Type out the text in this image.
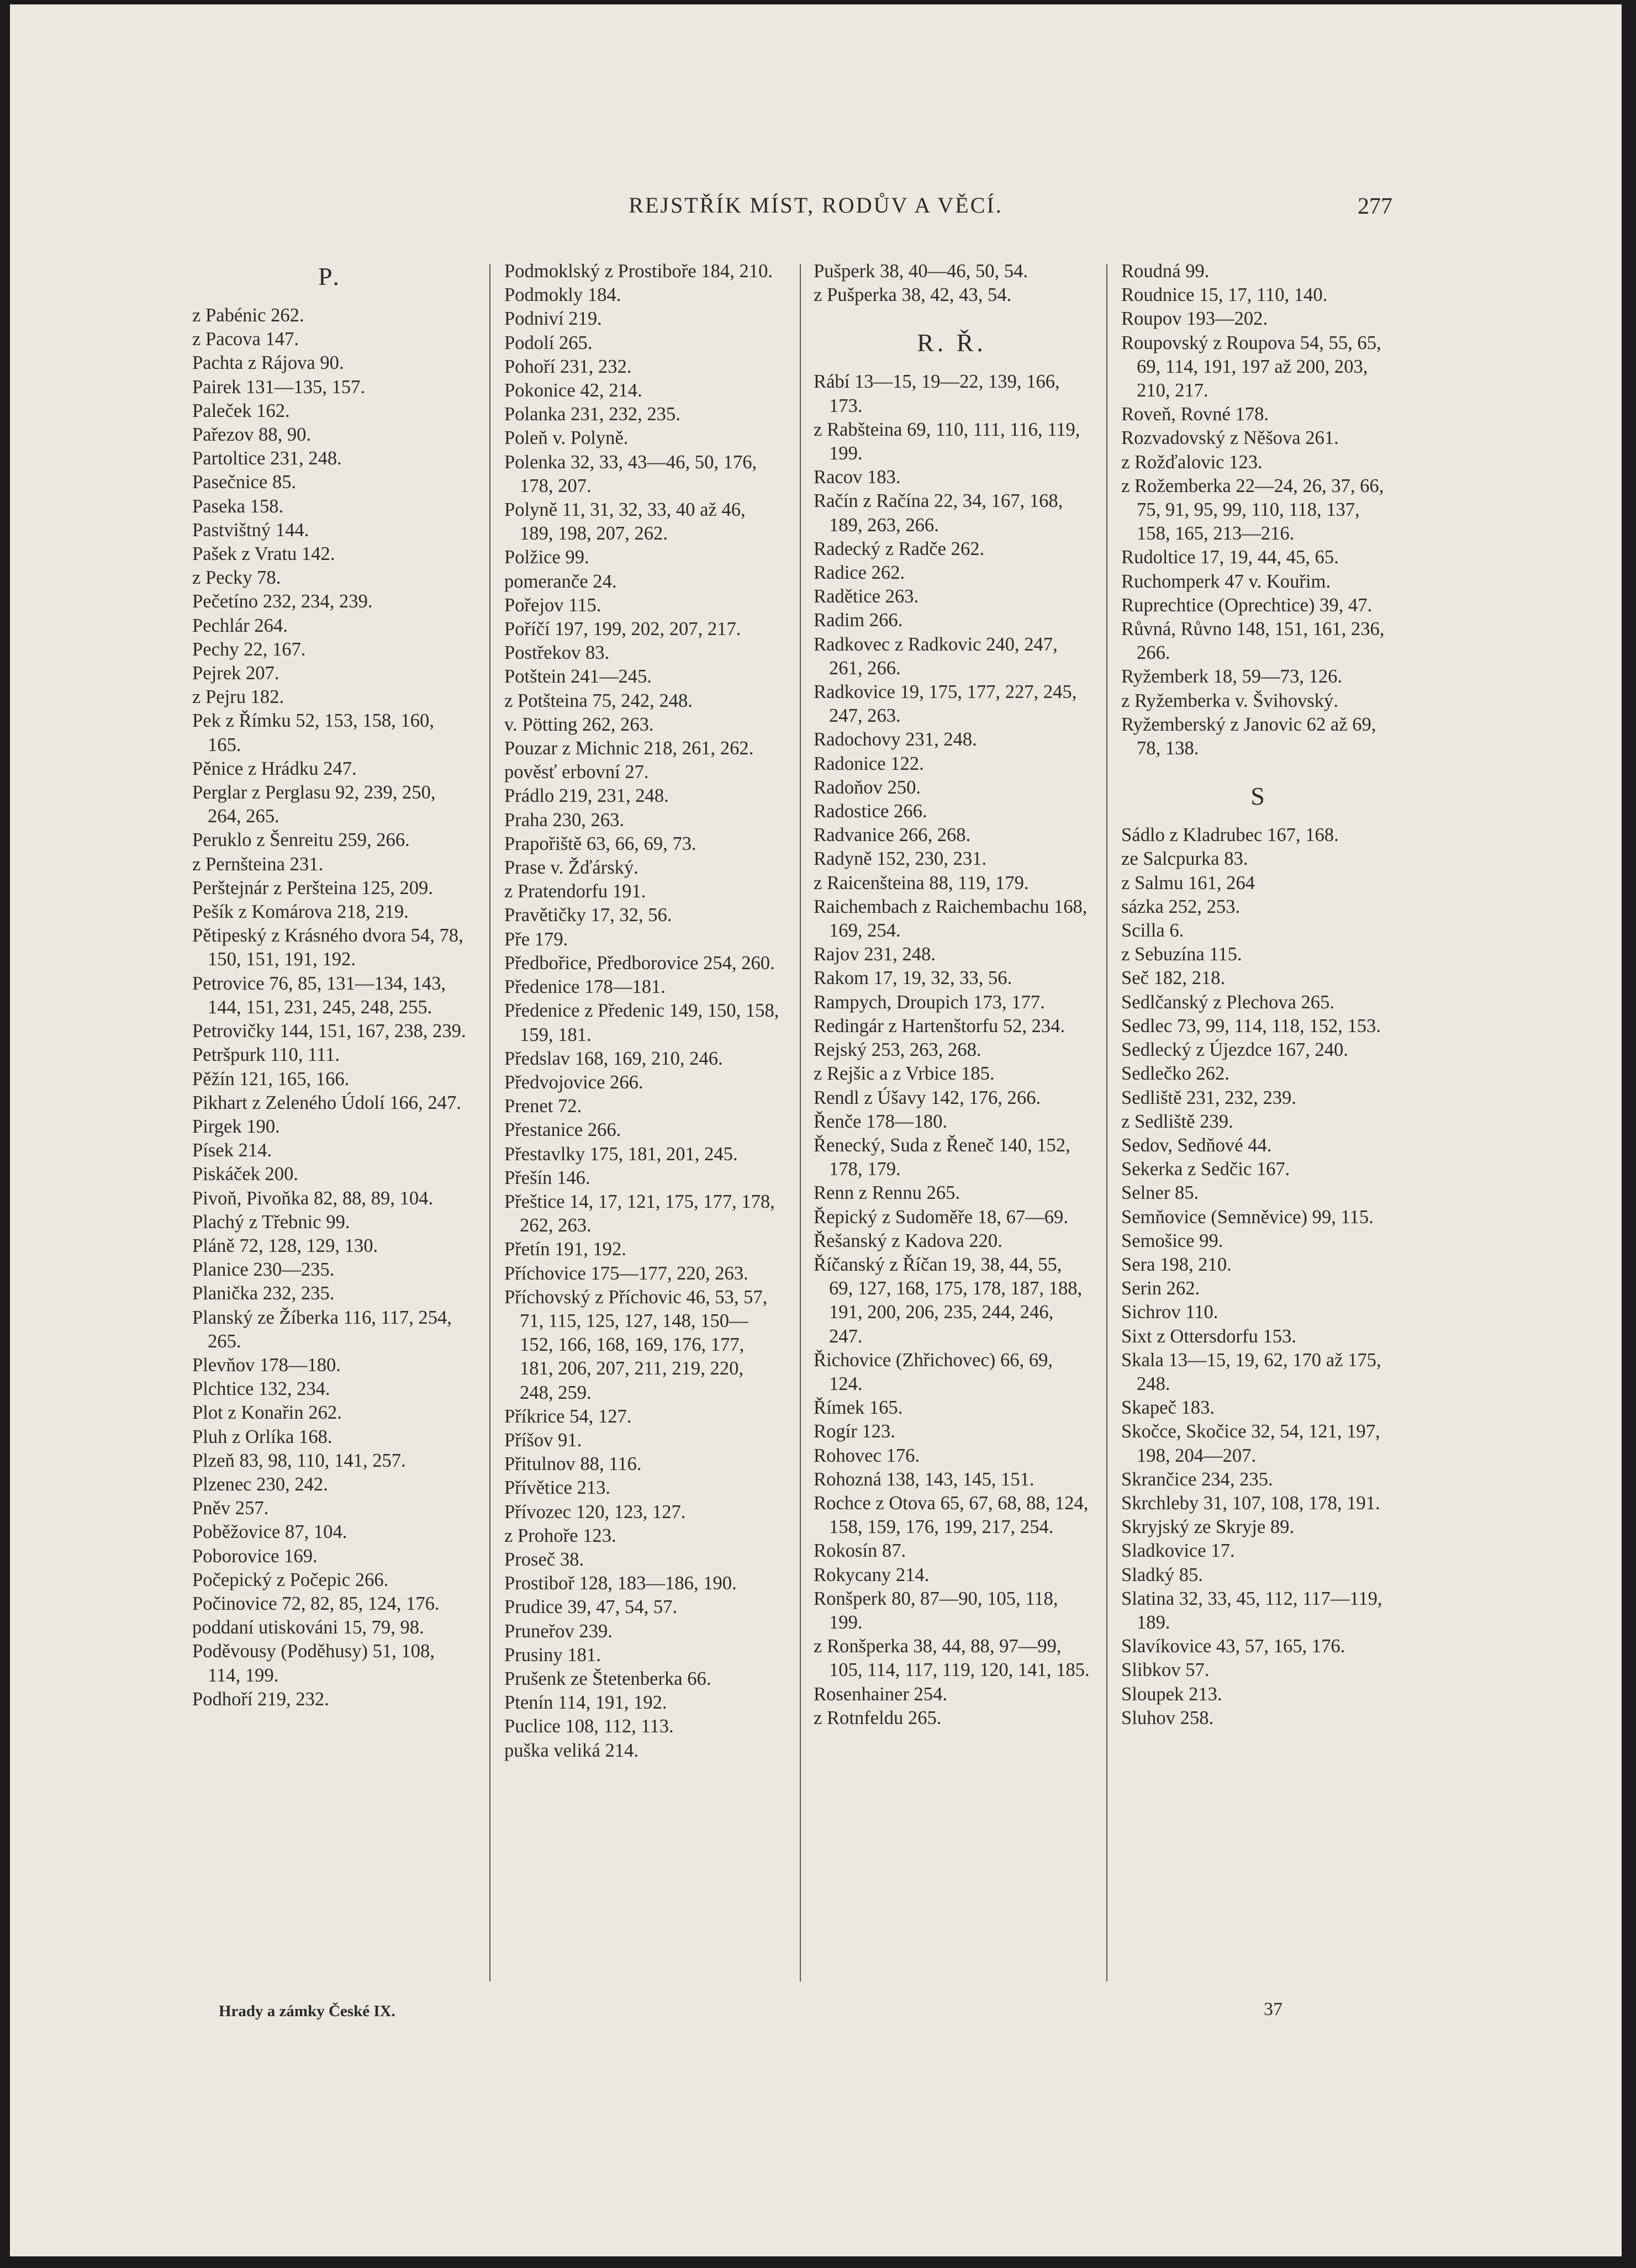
REJSTŘÍK MÍST, RODŮV A VĚCÍ.	277
P.
z Pabénic 262.
z Pacova 147.
Pachta z Rájova 90.
Pairek 131—135, 157.
Paleček 162.
Pařezov 88, 90.
Partoltice 231, 248.
Pasečnice 85.
Paseka 158.
Pastvištný 144.
Pašek z Vratu 142.
z Pecky 78.
Pečetíno 232, 234, 239.
Pechlár 264.
Pechy 22, 167.
Pejrek 207.
z Pejru 182.
Pek z Římku 52, 153, 158, 160, 165.
Pěnice z Hrádku 247.
Perglar z Perglasu 92, 239, 250, 264, 265.
Peruklo z Šenreitu 259, 266.
z Pernšteina 231.
Perštejnár z Peršteina 125, 209.
Pešík z Komárova 218, 219.
Pětipeský z Krásného dvora 54, 78, 150, 151, 191, 192.
Petrovice 76, 85, 131—134, 143, 144, 151, 231, 245, 248, 255.
Petrovičky 144, 151, 167, 238, 239.
Petršpurk 110, 111.
Pěžín 121, 165, 166.
Pikhart z Zeleného Údolí 166, 247.
Pirgek 190.
Písek 214.
Piskáček 200.
Pivoň, Pivoňka 82, 88, 89, 104.
Plachý z Třebnic 99.
Pláně 72, 128, 129, 130.
Planice 230—235.
Planička 232, 235.
Planský ze Žíberka 116, 117, 254, 265.
Plevňov 178—180.
Plchtice 132, 234.
Plot z Konařin 262.
Pluh z Orlíka 168.
Plzeň 83, 98, 110, 141, 257.
Plzenec 230, 242.
Pněv 257.
Poběžovice 87, 104.
Poborovice 169.
Počepický z Počepic 266.
Počinovice 72, 82, 85, 124, 176.
poddaní utiskováni 15, 79, 98.
Poděvousy (Poděhusy) 51, 108, 114, 199.
Podhoří 219, 232.
Podmoklský z Prostiboře 184, 210.
Podmokly 184.
Podniví 219.
Podolí 265.
Pohoří 231, 232.
Pokonice 42, 214.
Polanka 231, 232, 235.
Poleň v. Polyně.
Polenka 32, 33, 43—46, 50, 176, 178, 207.
Polyně 11, 31, 32, 33, 40 až 46, 189, 198, 207, 262.
Polžice 99.
pomeranče 24.
Pořejov 115.
Poříčí 197, 199, 202, 207, 217.
Postřekov 83.
Potštein 241—245.
z Potšteina 75, 242, 248.
v. Pötting 262, 263.
Pouzar z Michnic 218, 261, 262.
pověsť erbovní 27.
Prádlo 219, 231, 248.
Praha 230, 263.
Prapořiště 63, 66, 69, 73.
Prase v. Žďárský.
z Pratendorfu 191.
Pravětičky 17, 32, 56.
Pře 179.
Předbořice, Předborovice 254, 260.
Předenice 178—181.
Předenice z Předenic 149, 150, 158, 159, 181.
Předslav 168, 169, 210, 246.
Předvojovice 266.
Prenet 72.
Přestanice 266.
Přestavlky 175, 181, 201, 245.
Přešín 146.
Přeštice 14, 17, 121, 175, 177, 178, 262, 263.
Přetín 191, 192.
Příchovice 175—177, 220, 263.
Příchovský z Příchovic 46, 53, 57, 71, 115, 125, 127, 148, 150—152, 166, 168, 169, 176, 177, 181, 206, 207, 211, 219, 220, 248, 259.
Příkrice 54, 127.
Příšov 91.
Přitulnov 88, 116.
Přívětice 213.
Přívozec 120, 123, 127.
z Prohoře 123.
Proseč 38.
Prostiboř 128, 183—186, 190.
Prudice 39, 47, 54, 57.
Pruneřov 239.
Prusiny 181.
Prušenk ze Štetenberka 66.
Ptenín 114, 191, 192.
Puclice 108, 112, 113.
puška veliká 214.
Pušperk 38, 40—46, 50, 54.
z Pušperka 38, 42, 43, 54.
R. Ř.
Rábí 13—15, 19—22, 139, 166, 173.
z Rabšteina 69, 110, 111, 116, 119, 199.
Racov 183.
Račín z Račína 22, 34, 167, 168, 189, 263, 266.
Radecký z Radče 262.
Radice 262.
Radětice 263.
Radim 266.
Radkovec z Radkovic 240, 247, 261, 266.
Radkovice 19, 175, 177, 227, 245, 247, 263.
Radochovy 231, 248.
Radonice 122.
Radoňov 250.
Radostice 266.
Radvanice 266, 268.
Radyně 152, 230, 231.
z Raicenšteina 88, 119, 179.
Raichembach z Raichembachu 168, 169, 254.
Rajov 231, 248.
Rakom 17, 19, 32, 33, 56.
Rampych, Droupich 173, 177.
Redingár z Hartenštorfu 52, 234.
Rejský 253, 263, 268.
z Rejšic a z Vrbice 185.
Rendl z Úšavy 142, 176, 266.
Řenče 178—180.
Řenecký, Suda z Řeneč 140, 152, 178, 179.
Renn z Rennu 265.
Řepický z Sudoměře 18, 67—69.
Řešanský z Kadova 220.
Říčanský z Říčan 19, 38, 44, 55, 69, 127, 168, 175, 178, 187, 188, 191, 200, 206, 235, 244, 246, 247.
Řichovice (Zhřichovec) 66, 69, 124.
Římek 165.
Rogír 123.
Rohovec 176.
Rohozná 138, 143, 145, 151.
Rochce z Otova 65, 67, 68, 88, 124, 158, 159, 176, 199, 217, 254.
Rokosín 87.
Rokycany 214.
Ronšperk 80, 87—90, 105, 118, 199.
z Ronšperka 38, 44, 88, 97—99, 105, 114, 117, 119, 120, 141, 185.
Rosenhainer 254.
z Rotnfeldu 265.
Roudná 99.
Roudnice 15, 17, 110, 140.
Roupov 193—202.
Roupovský z Roupova 54, 55, 65, 69, 114, 191, 197 až 200, 203, 210, 217.
Roveň, Rovné 178.
Rozvadovský z Něšova 261.
z Rožďalovic 123.
z Rožemberka 22—24, 26, 37, 66, 75, 91, 95, 99, 110, 118, 137, 158, 165, 213—216.
Rudoltice 17, 19, 44, 45, 65.
Ruchomperk 47 v. Kouřim.
Ruprechtice (Oprechtice) 39, 47.
Růvná, Růvno 148, 151, 161, 236, 266.
Ryžemberk 18, 59—73, 126.
z Ryžemberka v. Švihovský.
Ryžemberský z Janovic 62 až 69, 78, 138.
S
Sádlo z Kladrubec 167, 168.
ze Salcpurka 83.
z Salmu 161, 264
sázka 252, 253.
Scilla 6.
z Sebuzína 115.
Seč 182, 218.
Sedlčanský z Plechova 265.
Sedlec 73, 99, 114, 118, 152, 153.
Sedlecký z Újezdce 167, 240.
Sedlečko 262.
Sedliště 231, 232, 239.
z Sedliště 239.
Sedov, Sedňové 44.
Sekerka z Sedčic 167.
Selner 85.
Semňovice (Semněvice) 99, 115.
Semošice 99.
Sera 198, 210.
Serin 262.
Sichrov 110.
Sixt z Ottersdorfu 153.
Skala 13—15, 19, 62, 170 až 175, 248.
Skapeč 183.
Skočce, Skočice 32, 54, 121, 197, 198, 204—207.
Skrančice 234, 235.
Skrchleby 31, 107, 108, 178, 191.
Skryjský ze Skryje 89.
Sladkovice 17.
Sladký 85.
Slatina 32, 33, 45, 112, 117—119, 189.
Slavíkovice 43, 57, 165, 176.
Slibkov 57.
Sloupek 213.
Sluhov 258.
Hrady a zámky České IX.	37
